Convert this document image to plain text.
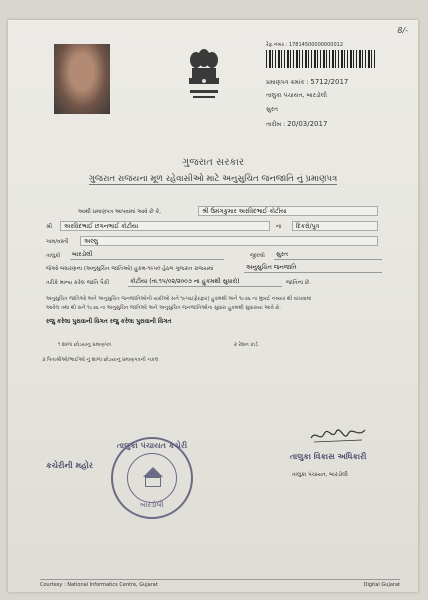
8/-
રેફ.નંબર : 17814500000000012
પ્રમાણપત્ર ક્રમાંક : 5712/2017
તાલુકા પંચાયત, બારડોલી
સુરત
તારીખ : 20/03/2017
ગુજરાત સરકાર
ગુજરાત રાજયના મૂળ રહેવાસીઓ માટે અનુસુચિત જનજાતિ નું પ્રમાણપત્ર
આથી પ્રમાણપત્ર આપવામાં આવે છે કે,	શ્રી ઉમંગકુમાર અરવિંદભાઈ કોટીયા
શ્રી	અરવિંદભાઈ છગનભાઈ કોટીયા	ના	દિકરો/પુત્ર
ગામ/વસ્તી	અલ્લુ
તાલુકો	બારડોલી	જીલ્લો	સુરત
જેઓ બંધારણના (અનુસુચિત જાતિઓ) હુકમ-૧૯૫૦ હેઠળ ગુજરાત રાજયમાં	અનુસુચિત જનજાતિ
તરીકે માન્ય કરેલ જાતિ પૈકી	કોટીયા (તા.૧૫/૦૨/૨૦૦૭ ના હુકમથી સુધારો)	જાતિના છે.
અનુસુચિત જાતિઓ અને અનુસુચિત જનજાતિઓની યાદીઓ સને ૧૯૫૬(ફેરફાર) હુકમથી અને ૧૯૭૬ ના મુંબઈ નવ્યાર થી વાંચવામાં
આવેલ તથા થી સને ૧૯૭૬ ના અનુસુચિત જાતિઓ અને અનુસુચિત જનજાતિઓના સુધારા હુકમથી સુધારાયા આવે છે.
રજુ કરેલા પુરાવાની વિગત રજુ કરેલા પુરાવાની વિગત
૧ શાળા છોડયાનુ પ્રમાણપત્ર	૨ રેશન કાર્ડ
૩ પિતાશ્રીઓ/ભાઈઓ નું શાળા છોડયાનું પ્રમાણપત્રની નકલ
કચેરીની મહોર
તાલુકા પંચાયત કચેરી
બારડોલી
તાલુકા વિકાસ અધિકારી
તાલુકા પંચાયત, બારડોલી
Courtesy : National Informatics Centre, Gujarat	Digital Gujarat
